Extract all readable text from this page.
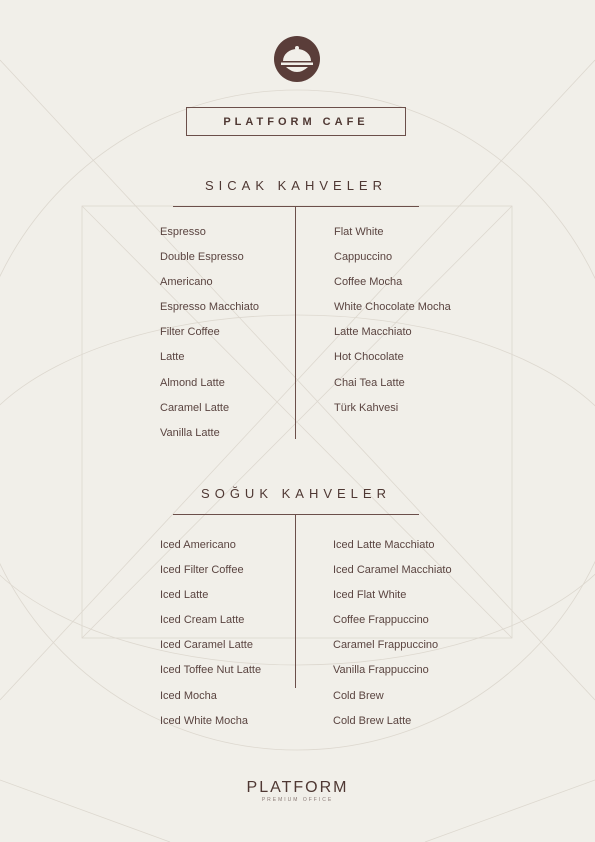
PLATFORM CAFE
SICAK KAHVELER
Espresso
Double Espresso
Americano
Espresso Macchiato
Filter Coffee
Latte
Almond Latte
Caramel Latte
Vanilla Latte
Flat White
Cappuccino
Coffee Mocha
White Chocolate Mocha
Latte Macchiato
Hot Chocolate
Chai Tea Latte
Türk Kahvesi
SOĞUK KAHVELER
Iced Americano
Iced Filter Coffee
Iced Latte
Iced Cream Latte
Iced Caramel Latte
Iced Toffee Nut Latte
Iced Mocha
Iced White Mocha
Iced Latte Macchiato
Iced Caramel Macchiato
Iced Flat White
Coffee Frappuccino
Caramel Frappuccino
Vanilla Frappuccino
Cold Brew
Cold Brew Latte
PLATFORM
PREMIUM OFFICE
